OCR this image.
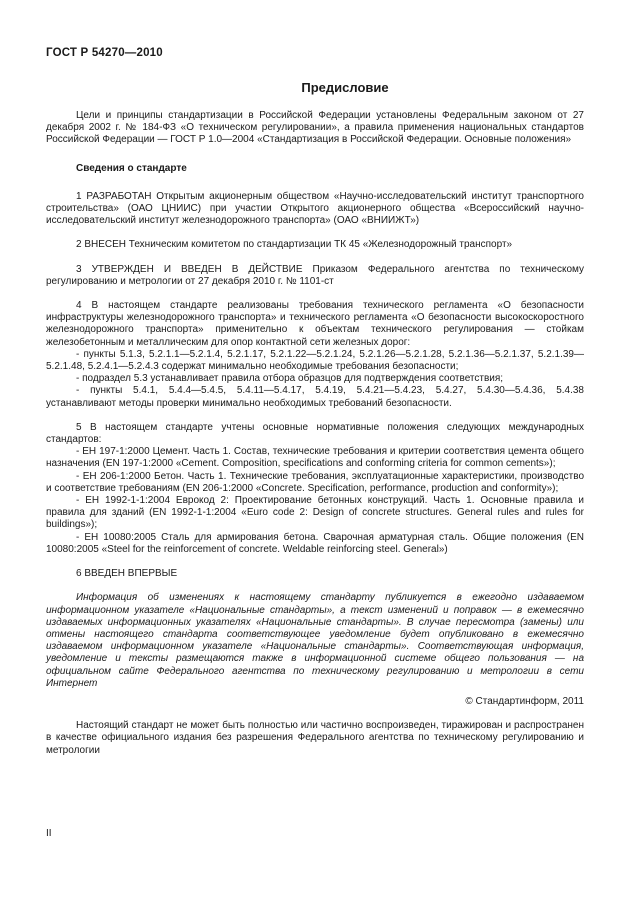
ГОСТ Р 54270—2010
Предисловие

Цели и принципы стандартизации в Российской Федерации установлены Федеральным законом от 27 декабря 2002 г. № 184-ФЗ «О техническом регулировании», а правила применения национальных стандартов Российской Федерации — ГОСТ Р 1.0—2004 «Стандартизация в Российской Федерации. Основные положения»

Сведения о стандарте

1 РАЗРАБОТАН Открытым акционерным обществом «Научно-исследовательский институт транспортного строительства» (ОАО ЦНИИС) при участии Открытого акционерного общества «Всероссийский научно-исследовательский институт железнодорожного транспорта» (ОАО «ВНИИЖТ»)

2 ВНЕСЕН Техническим комитетом по стандартизации ТК 45 «Железнодорожный транспорт»

3 УТВЕРЖДЕН И ВВЕДЕН В ДЕЙСТВИЕ Приказом Федерального агентства по техническому регулированию и метрологии от 27 декабря 2010 г. № 1101-ст

4 В настоящем стандарте реализованы требования технического регламента «О безопасности инфраструктуры железнодорожного транспорта» и технического регламента «О безопасности высокоскоростного железнодорожного транспорта» применительно к объектам технического регулирования — стойкам железобетонным и металлическим для опор контактной сети железных дорог:

- пункты 5.1.3, 5.2.1.1—5.2.1.4, 5.2.1.17, 5.2.1.22—5.2.1.24, 5.2.1.26—5.2.1.28, 5.2.1.36—5.2.1.37, 5.2.1.39—5.2.1.48, 5.2.4.1—5.2.4.3 содержат минимально необходимые требования безопасности;

- подраздел 5.3 устанавливает правила отбора образцов для подтверждения соответствия;

- пункты 5.4.1, 5.4.4—5.4.5, 5.4.11—5.4.17, 5.4.19, 5.4.21—5.4.23, 5.4.27, 5.4.30—5.4.36, 5.4.38 устанавливают методы проверки минимально необходимых требований безопасности.

5 В настоящем стандарте учтены основные нормативные положения следующих международных стандартов:

- ЕН 197-1:2000 Цемент. Часть 1. Состав, технические требования и критерии соответствия цемента общего назначения (EN 197-1:2000 «Cement. Composition, specifications and conforming criteria for common cements»);

- ЕН 206-1:2000 Бетон. Часть 1. Технические требования, эксплуатационные характеристики, производство и соответствие требованиям (EN 206-1:2000 «Concrete. Specification, performance, production and conformity»);

- ЕН 1992-1-1:2004 Еврокод 2: Проектирование бетонных конструкций. Часть 1. Основные правила и правила для зданий (EN 1992-1-1:2004 «Euro code 2: Design of concrete structures. General rules and rules for buildings»);

- ЕН 10080:2005 Сталь для армирования бетона. Сварочная арматурная сталь. Общие положения (EN 10080:2005 «Steel for the reinforcement of concrete. Weldable reinforcing steel. General»)

6 ВВЕДЕН ВПЕРВЫЕ

Информация об изменениях к настоящему стандарту публикуется в ежегодно издаваемом информационном указателе «Национальные стандарты», а текст изменений и поправок — в ежемесячно издаваемых информационных указателях «Национальные стандарты». В случае пересмотра (замены) или отмены настоящего стандарта соответствующее уведомление будет опубликовано в ежемесячно издаваемом информационном указателе «Национальные стандарты». Соответствующая информация, уведомление и тексты размещаются также в информационной системе общего пользования — на официальном сайте Федерального агентства по техническому регулированию и метрологии в сети Интернет

© Стандартинформ, 2011

Настоящий стандарт не может быть полностью или частично воспроизведен, тиражирован и распространен в качестве официального издания без разрешения Федерального агентства по техническому регулированию и метрологии

II
